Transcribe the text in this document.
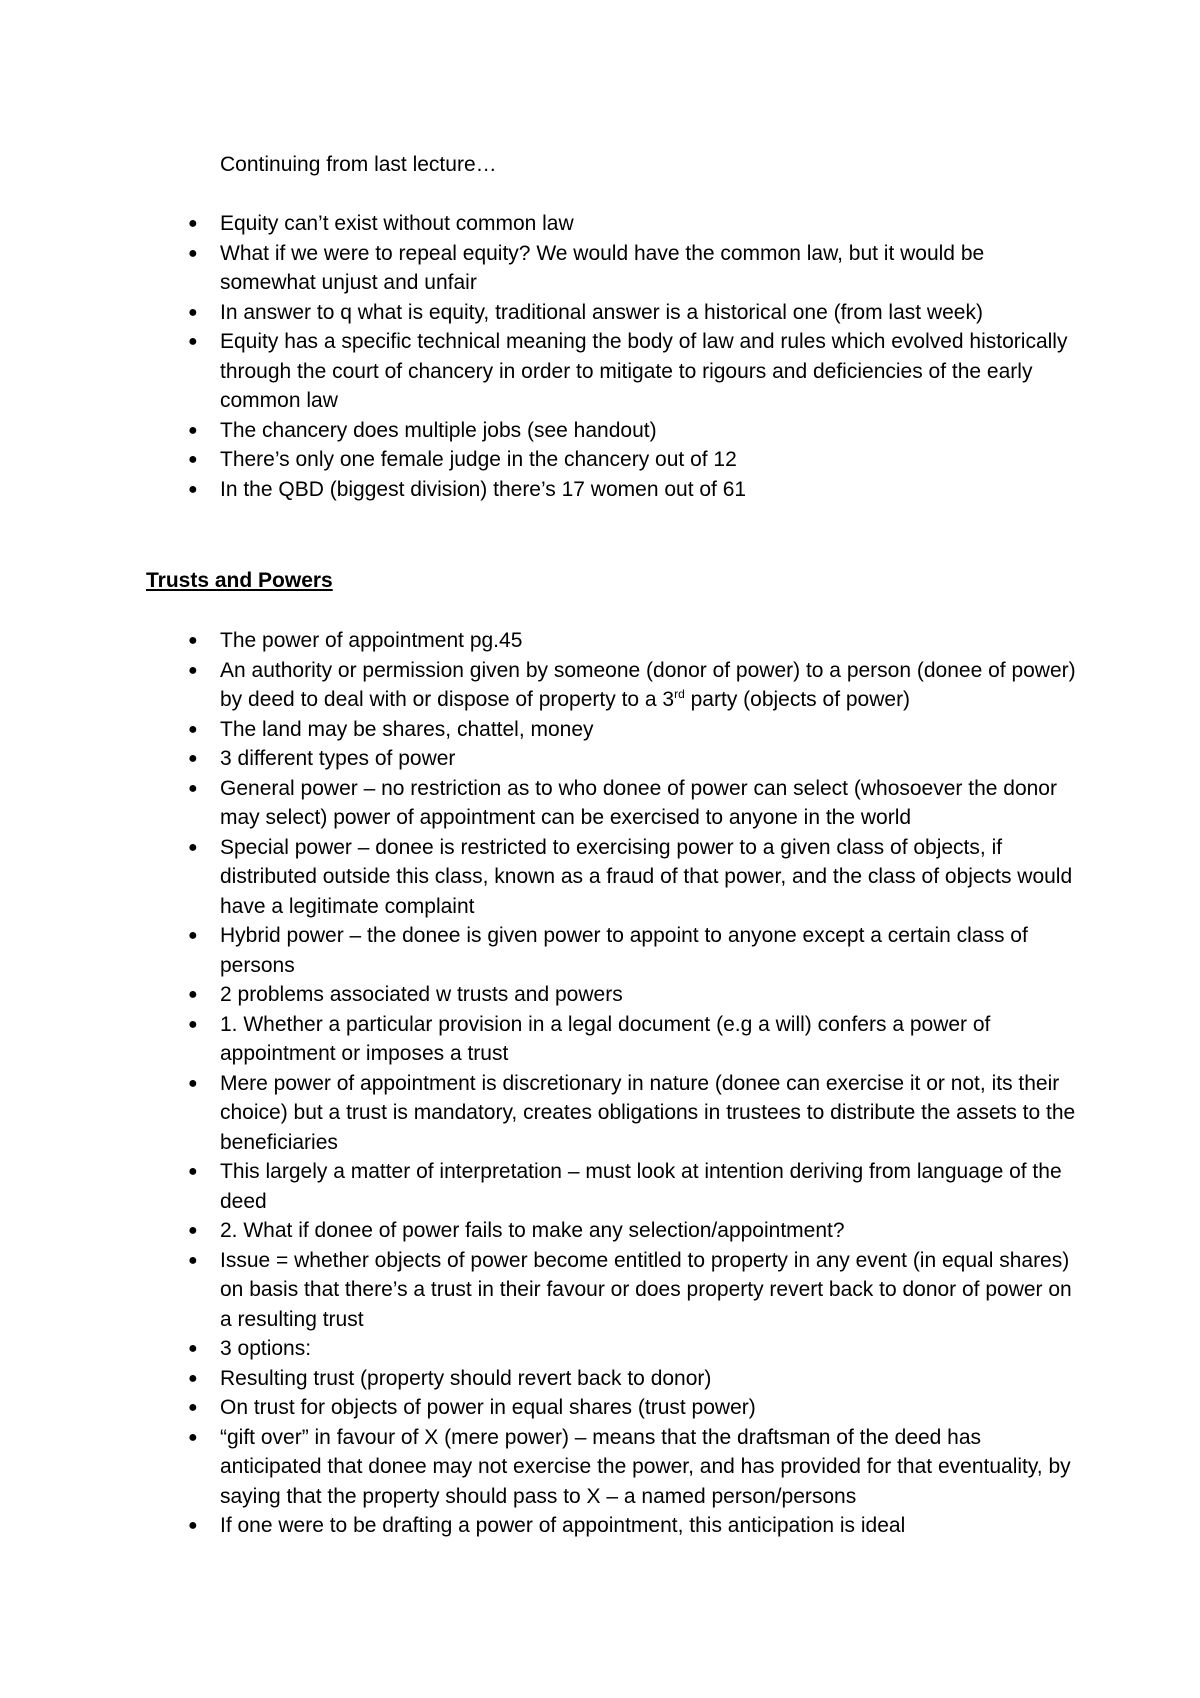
Continuing from last lecture…
● Equity can’t exist without common law
● What if we were to repeal equity? We would have the common law, but it would be somewhat unjust and unfair
● In answer to q what is equity, traditional answer is a historical one (from last week)
● Equity has a specific technical meaning the body of law and rules which evolved historically through the court of chancery in order to mitigate to rigours and deficiencies of the early common law
● The chancery does multiple jobs (see handout)
● There’s only one female judge in the chancery out of 12
● In the QBD (biggest division) there’s 17 women out of 61
Trusts and Powers
● The power of appointment pg.45
● An authority or permission given by someone (donor of power) to a person (donee of power) by deed to deal with or dispose of property to a 3rd party (objects of power)
● The land may be shares, chattel, money
● 3 different types of power
● General power – no restriction as to who donee of power can select (whosoever the donor may select) power of appointment can be exercised to anyone in the world
● Special power – donee is restricted to exercising power to a given class of objects, if distributed outside this class, known as a fraud of that power, and the class of objects would have a legitimate complaint
● Hybrid power – the donee is given power to appoint to anyone except a certain class of persons
● 2 problems associated w trusts and powers
● 1. Whether a particular provision in a legal document (e.g a will) confers a power of appointment or imposes a trust
● Mere power of appointment is discretionary in nature (donee can exercise it or not, its their choice) but a trust is mandatory, creates obligations in trustees to distribute the assets to the beneficiaries
● This largely a matter of interpretation – must look at intention deriving from language of the deed
● 2. What if donee of power fails to make any selection/appointment?
● Issue = whether objects of power become entitled to property in any event (in equal shares) on basis that there’s a trust in their favour or does property revert back to donor of power on a resulting trust
● 3 options:
● Resulting trust (property should revert back to donor)
● On trust for objects of power in equal shares (trust power)
● “gift over” in favour of X (mere power) – means that the draftsman of the deed has anticipated that donee may not exercise the power, and has provided for that eventuality, by saying that the property should pass to X – a named person/persons
● If one were to be drafting a power of appointment, this anticipation is ideal
